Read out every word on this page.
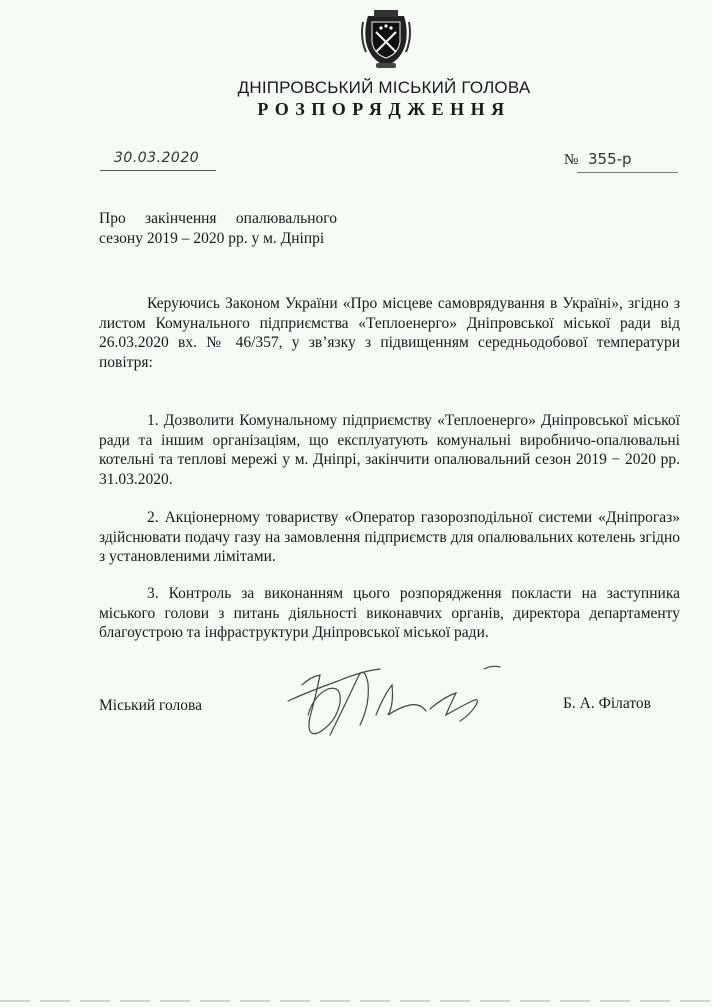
ДНІПРОВСЬКИЙ МІСЬКИЙ ГОЛОВА
РОЗПОРЯДЖЕННЯ
30.03.2020	№ 355-р
Про закінчення опалювального
сезону 2019 – 2020 рр. у м. Дніпрі
Керуючись Законом України «Про місцеве самоврядування в Україні», згідно з листом Комунального підприємства «Теплоенерго» Дніпровської міської ради від 26.03.2020 вх. № 46/357, у зв’язку з підвищенням середньодобової температури повітря:
1. Дозволити Комунальному підприємству «Теплоенерго» Дніпровської міської ради та іншим організаціям, що експлуатують комунальні виробничо-опалювальні котельні та теплові мережі у м. Дніпрі, закінчити опалювальний сезон 2019 − 2020 рр. 31.03.2020.
2. Акціонерному товариству «Оператор газорозподільної системи «Дніпрогаз» здійснювати подачу газу на замовлення підприємств для опалювальних котелень згідно з установленими лімітами.
3. Контроль за виконанням цього розпорядження покласти на заступника міського голови з питань діяльності виконавчих органів, директора департаменту благоустрою та інфраструктури Дніпровської міської ради.
Міський голова	Б. А. Філатов
